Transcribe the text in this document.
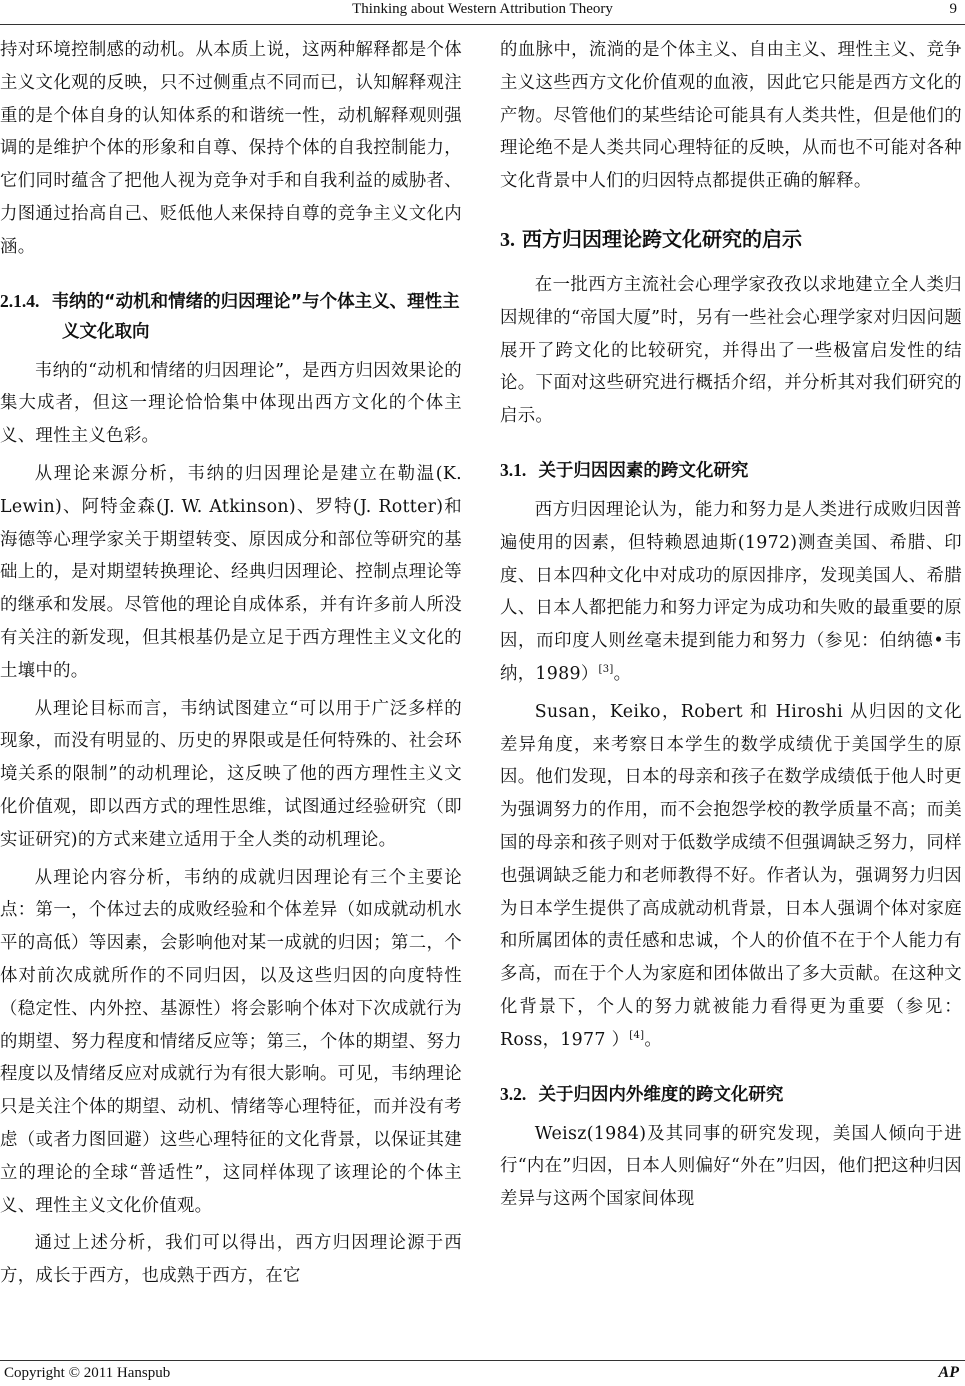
Thinking about Western Attribution Theory	9

持对环境控制感的动机。从本质上说，这两种解释都是个体主义文化观的反映，只不过侧重点不同而已，认知解释观注重的是个体自身的认知体系的和谐统一性，动机解释观则强调的是维护个体的形象和自尊、保持个体的自我控制能力，它们同时蕴含了把他人视为竞争对手和自我利益的威胁者、力图通过抬高自己、贬低他人来保持自尊的竞争主义文化内涵。

2.1.4. 韦纳的“动机和情绪的归因理论”与个体主义、理性主义文化取向

韦纳的“动机和情绪的归因理论”，是西方归因效果论的集大成者，但这一理论恰恰集中体现出西方文化的个体主义、理性主义色彩。

从理论来源分析，韦纳的归因理论是建立在勒温(K. Lewin)、阿特金森(J. W. Atkinson)、罗特(J. Rotter)和海德等心理学家关于期望转变、原因成分和部位等研究的基础上的，是对期望转换理论、经典归因理论、控制点理论等的继承和发展。尽管他的理论自成体系，并有许多前人所没有关注的新发现，但其根基仍是立足于西方理性主义文化的土壤中的。

从理论目标而言，韦纳试图建立“可以用于广泛多样的现象，而没有明显的、历史的界限或是任何特殊的、社会环境关系的限制”的动机理论，这反映了他的西方理性主义文化价值观，即以西方式的理性思维，试图通过经验研究（即实证研究)的方式来建立适用于全人类的动机理论。

从理论内容分析，韦纳的成就归因理论有三个主要论点：第一，个体过去的成败经验和个体差异（如成就动机水平的高低）等因素，会影响他对某一成就的归因；第二，个体对前次成就所作的不同归因，以及这些归因的向度特性（稳定性、内外控、基源性）将会影响个体对下次成就行为的期望、努力程度和情绪反应等；第三，个体的期望、努力程度以及情绪反应对成就行为有很大影响。可见，韦纳理论只是关注个体的期望、动机、情绪等心理特征，而并没有考虑（或者力图回避）这些心理特征的文化背景，以保证其建立的理论的全球“普适性”，这同样体现了该理论的个体主义、理性主义文化价值观。

通过上述分析，我们可以得出，西方归因理论源于西方，成长于西方，也成熟于西方，在它

的血脉中，流淌的是个体主义、自由主义、理性主义、竞争主义这些西方文化价值观的血液，因此它只能是西方文化的产物。尽管他们的某些结论可能具有人类共性，但是他们的理论绝不是人类共同心理特征的反映，从而也不可能对各种文化背景中人们的归因特点都提供正确的解释。

3. 西方归因理论跨文化研究的启示

在一批西方主流社会心理学家孜孜以求地建立全人类归因规律的“帝国大厦”时，另有一些社会心理学家对归因问题展开了跨文化的比较研究，并得出了一些极富启发性的结论。下面对这些研究进行概括介绍，并分析其对我们研究的启示。

3.1. 关于归因因素的跨文化研究

西方归因理论认为，能力和努力是人类进行成败归因普遍使用的因素，但特赖恩迪斯(1972)测查美国、希腊、印度、日本四种文化中对成功的原因排序，发现美国人、希腊人、日本人都把能力和努力评定为成功和失败的最重要的原因，而印度人则丝毫未提到能力和努力（参见：伯纳德•韦纳，1989）[3]。

Susan，Keiko，Robert 和 Hiroshi 从归因的文化差异角度，来考察日本学生的数学成绩优于美国学生的原因。他们发现，日本的母亲和孩子在数学成绩低于他人时更为强调努力的作用，而不会抱怨学校的教学质量不高；而美国的母亲和孩子则对于低数学成绩不但强调缺乏努力，同样也强调缺乏能力和老师教得不好。作者认为，强调努力归因为日本学生提供了高成就动机背景，日本人强调个体对家庭和所属团体的责任感和忠诚，个人的价值不在于个人能力有多高，而在于个人为家庭和团体做出了多大贡献。在这种文化背景下，个人的努力就被能力看得更为重要（参见：Ross，1977 ）[4]。

3.2. 关于归因内外维度的跨文化研究

Weisz(1984)及其同事的研究发现，美国人倾向于进行“内在”归因，日本人则偏好“外在”归因，他们把这种归因差异与这两个国家间体现

Copyright © 2011 Hanspub	AP
